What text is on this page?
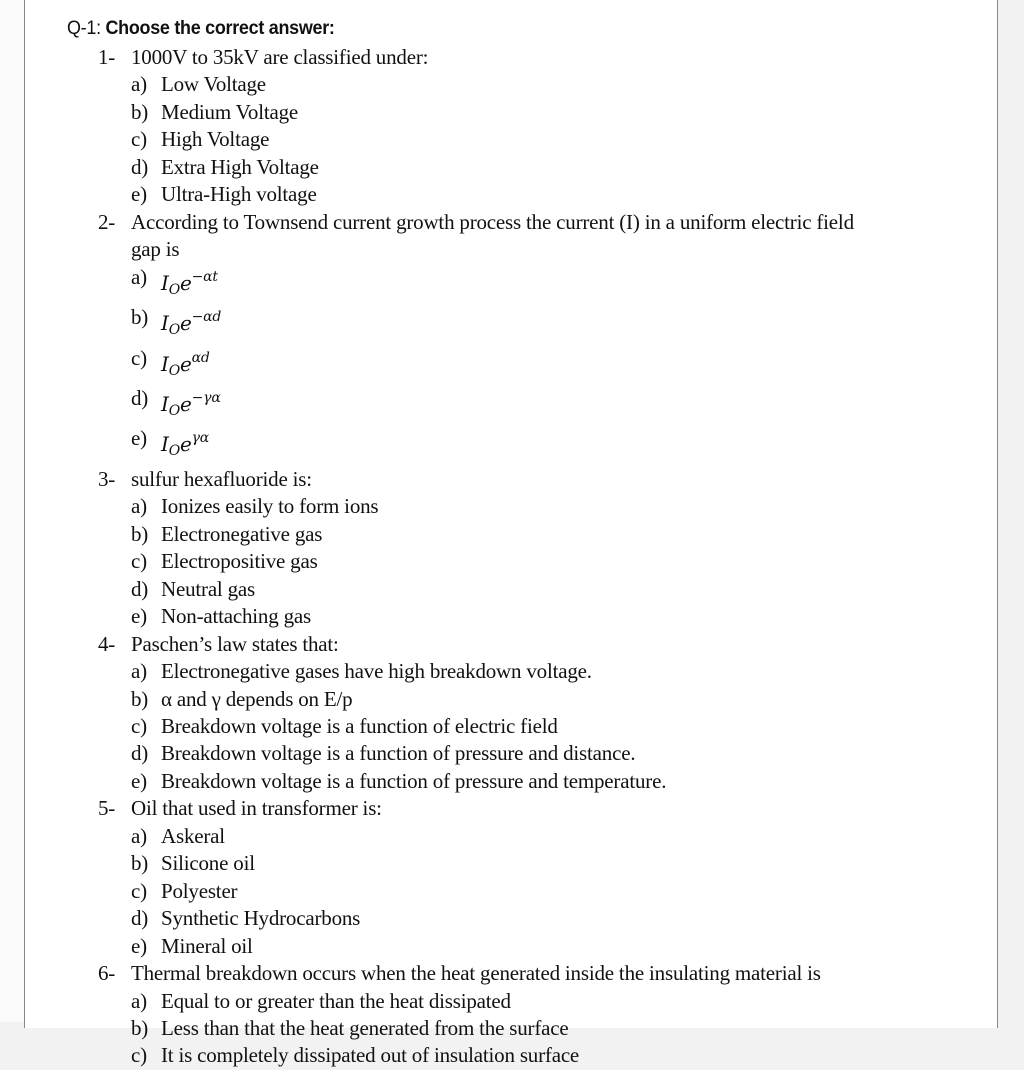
Q-1: Choose the correct answer:
1- 1000V to 35kV are classified under:
a) Low Voltage
b) Medium Voltage
c) High Voltage
d) Extra High Voltage
e) Ultra-High voltage
2- According to Townsend current growth process the current (I) in a uniform electric field
gap is
a) $I_Oe^{-\alpha t}$
b) $I_Oe^{-\alpha d}$
c) $I_Oe^{\alpha d}$
d) $I_Oe^{-\gamma\alpha}$
e) $I_Oe^{\gamma\alpha}$
3- sulfur hexafluoride is:
a) Ionizes easily to form ions
b) Electronegative gas
c) Electropositive gas
d) Neutral gas
e) Non-attaching gas
4- Paschen’s law states that:
a) Electronegative gases have high breakdown voltage.
b) α and γ depends on E/p
c) Breakdown voltage is a function of electric field
d) Breakdown voltage is a function of pressure and distance.
e) Breakdown voltage is a function of pressure and temperature.
5- Oil that used in transformer is:
a) Askeral
b) Silicone oil
c) Polyester
d) Synthetic Hydrocarbons
e) Mineral oil
6- Thermal breakdown occurs when the heat generated inside the insulating material is
a) Equal to or greater than the heat dissipated
b) Less than that the heat generated from the surface
c) It is completely dissipated out of insulation surface
